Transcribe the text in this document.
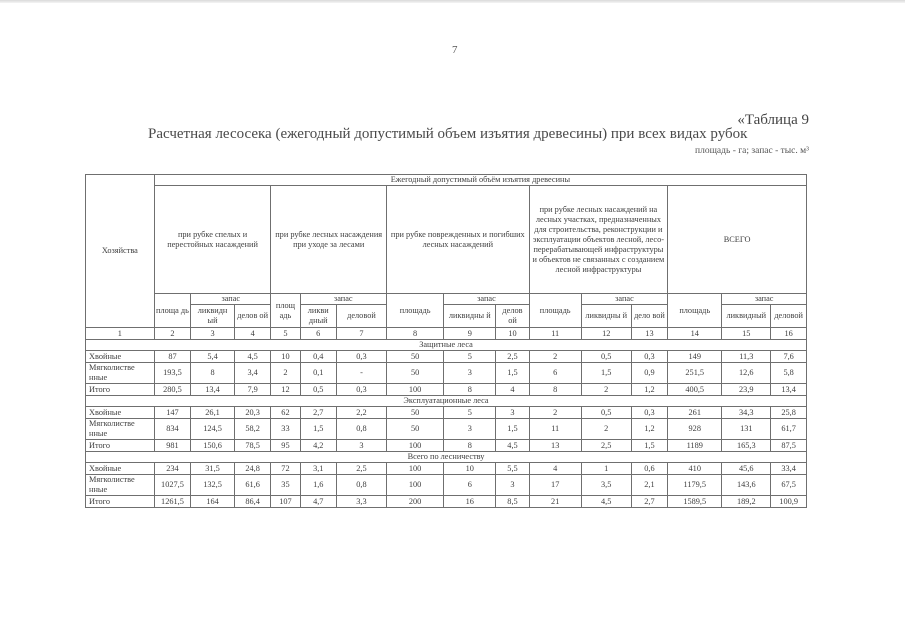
7
«Таблица 9
Расчетная лесосека (ежегодный допустимый объем изъятия древесины) при всех видах рубок
площадь - га; запас - тыс. м³
Хозяйства	Ежегодный допустимый объём изъятия древесины														
	при рубке спелых и перестойных насаждений			при рубке лесных насаждения при уходе за лесами			при рубке поврежденных и погибших лесных насаждений			при рубке лесных насаждений на лесных участках, предназначенных для строительства, реконструкции и эксплуатации объектов лесной, лесо-перерабатывающей инфраструктуры и объектов не связанных с созданием лесной инфраструктуры			ВСЕГО		
	площа дь	запас		площ адь	запас		площадь	запас		площадь	запас		площадь	запас	
		ликвидн ый	делов ой		ликви дный	деловой		ликвидны й	делов ой		ликвидны й	дело вой		ликвидный	деловой
1	2	3	4	5	6	7	8	9	10	11	12	13	14	15	16
Защитные леса															
Хвойные	87	5,4	4,5	10	0,4	0,3	50	5	2,5	2	0,5	0,3	149	11,3	7,6
Мягколистве нные	193,5	8	3,4	2	0,1	-	50	3	1,5	6	1,5	0,9	251,5	12,6	5,8
Итого	280,5	13,4	7,9	12	0,5	0,3	100	8	4	8	2	1,2	400,5	23,9	13,4
Эксплуатационные леса															
Хвойные	147	26,1	20,3	62	2,7	2,2	50	5	3	2	0,5	0,3	261	34,3	25,8
Мягколистве нные	834	124,5	58,2	33	1,5	0,8	50	3	1,5	11	2	1,2	928	131	61,7
Итого	981	150,6	78,5	95	4,2	3	100	8	4,5	13	2,5	1,5	1189	165,3	87,5
Всего по лесничеству															
Хвойные	234	31,5	24,8	72	3,1	2,5	100	10	5,5	4	1	0,6	410	45,6	33,4
Мягколистве нные	1027,5	132,5	61,6	35	1,6	0,8	100	6	3	17	3,5	2,1	1179,5	143,6	67,5
Итого	1261,5	164	86,4	107	4,7	3,3	200	16	8,5	21	4,5	2,7	1589,5	189,2	100,9
